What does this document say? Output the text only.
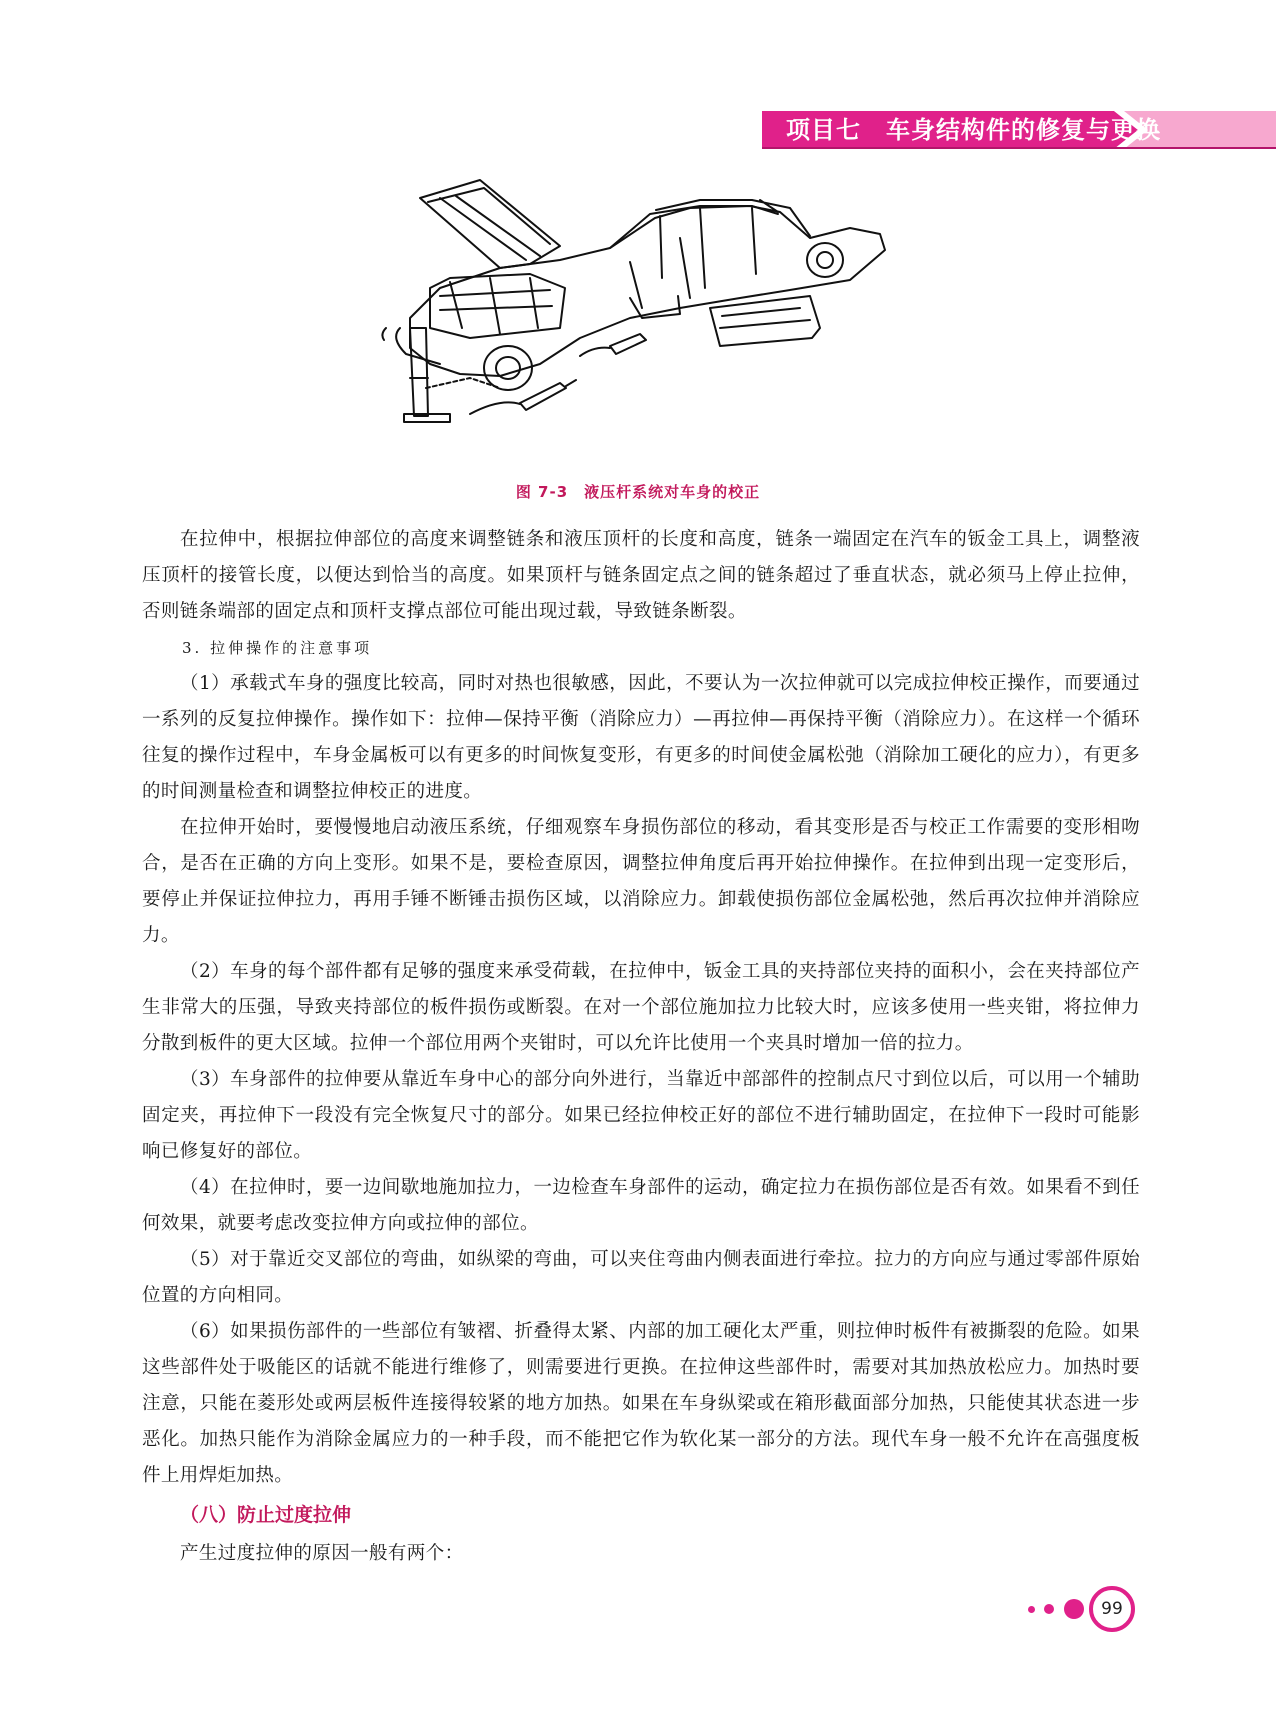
项目七　车身结构件的修复与更换
图 7-3　液压杆系统对车身的校正

在拉伸中，根据拉伸部位的高度来调整链条和液压顶杆的长度和高度，链条一端固定在汽车的钣金工具上，调整液压顶杆的接管长度，以便达到恰当的高度。如果顶杆与链条固定点之间的链条超过了垂直状态，就必须马上停止拉伸，否则链条端部的固定点和顶杆支撑点部位可能出现过载，导致链条断裂。

3. 拉伸操作的注意事项

（1）承载式车身的强度比较高，同时对热也很敏感，因此，不要认为一次拉伸就可以完成拉伸校正操作，而要通过一系列的反复拉伸操作。操作如下：拉伸—保持平衡（消除应力）—再拉伸—再保持平衡（消除应力）。在这样一个循环往复的操作过程中，车身金属板可以有更多的时间恢复变形，有更多的时间使金属松弛（消除加工硬化的应力），有更多的时间测量检查和调整拉伸校正的进度。

在拉伸开始时，要慢慢地启动液压系统，仔细观察车身损伤部位的移动，看其变形是否与校正工作需要的变形相吻合，是否在正确的方向上变形。如果不是，要检查原因，调整拉伸角度后再开始拉伸操作。在拉伸到出现一定变形后，要停止并保证拉伸拉力，再用手锤不断锤击损伤区域，以消除应力。卸载使损伤部位金属松弛，然后再次拉伸并消除应力。

（2）车身的每个部件都有足够的强度来承受荷载，在拉伸中，钣金工具的夹持部位夹持的面积小，会在夹持部位产生非常大的压强，导致夹持部位的板件损伤或断裂。在对一个部位施加拉力比较大时，应该多使用一些夹钳，将拉伸力分散到板件的更大区域。拉伸一个部位用两个夹钳时，可以允许比使用一个夹具时增加一倍的拉力。

（3）车身部件的拉伸要从靠近车身中心的部分向外进行，当靠近中部部件的控制点尺寸到位以后，可以用一个辅助固定夹，再拉伸下一段没有完全恢复尺寸的部分。如果已经拉伸校正好的部位不进行辅助固定，在拉伸下一段时可能影响已修复好的部位。

（4）在拉伸时，要一边间歇地施加拉力，一边检查车身部件的运动，确定拉力在损伤部位是否有效。如果看不到任何效果，就要考虑改变拉伸方向或拉伸的部位。

（5）对于靠近交叉部位的弯曲，如纵梁的弯曲，可以夹住弯曲内侧表面进行牵拉。拉力的方向应与通过零部件原始位置的方向相同。

（6）如果损伤部件的一些部位有皱褶、折叠得太紧、内部的加工硬化太严重，则拉伸时板件有被撕裂的危险。如果这些部件处于吸能区的话就不能进行维修了，则需要进行更换。在拉伸这些部件时，需要对其加热放松应力。加热时要注意，只能在菱形处或两层板件连接得较紧的地方加热。如果在车身纵梁或在箱形截面部分加热，只能使其状态进一步恶化。加热只能作为消除金属应力的一种手段，而不能把它作为软化某一部分的方法。现代车身一般不允许在高强度板件上用焊炬加热。

（八）防止过度拉伸

产生过度拉伸的原因一般有两个：

99
